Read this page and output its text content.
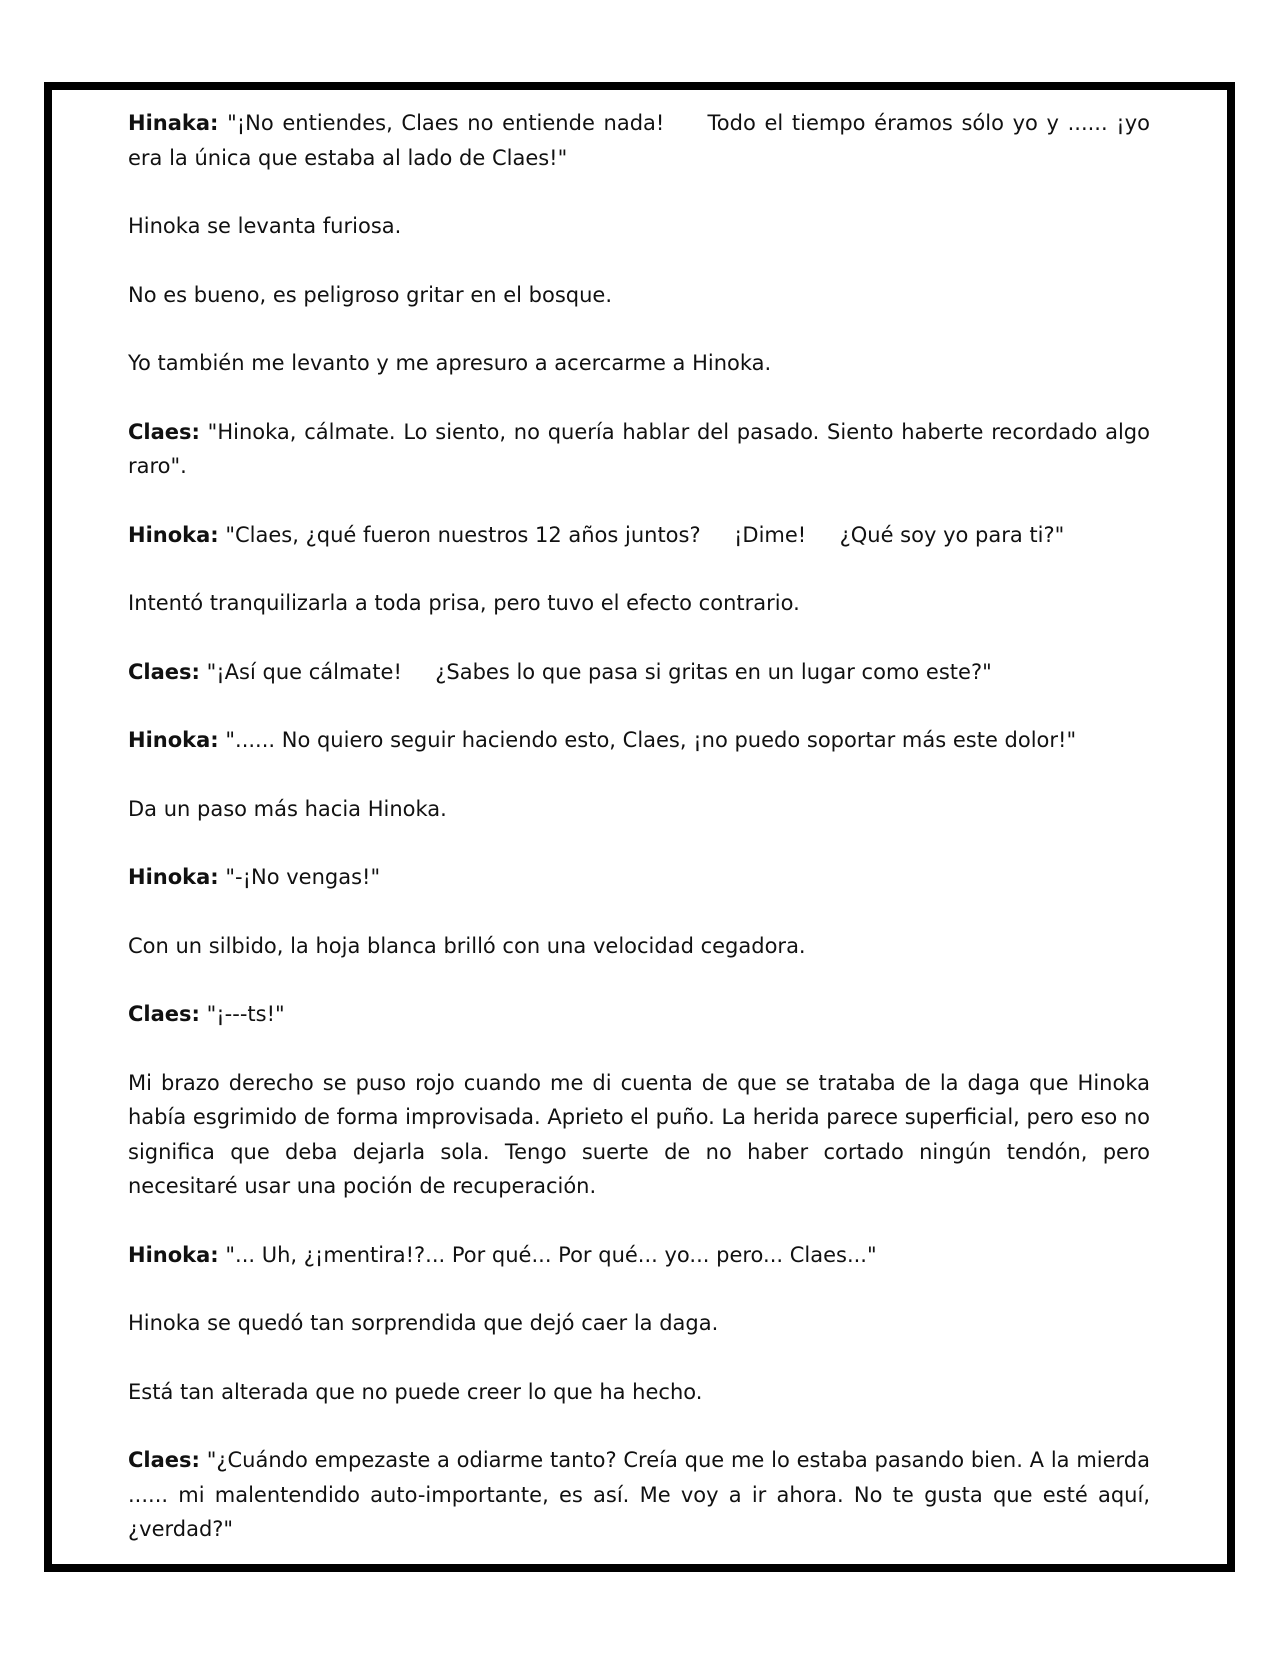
Hinaka: "¡No entiendes, Claes no entiende nada!     Todo el tiempo éramos sólo yo y ...... ¡yo era la única que estaba al lado de Claes!"

Hinoka se levanta furiosa.

No es bueno, es peligroso gritar en el bosque.

Yo también me levanto y me apresuro a acercarme a Hinoka.

Claes: "Hinoka, cálmate. Lo siento, no quería hablar del pasado. Siento haberte recordado algo raro".

Hinoka: "Claes, ¿qué fueron nuestros 12 años juntos?     ¡Dime!     ¿Qué soy yo para ti?"

Intentó tranquilizarla a toda prisa, pero tuvo el efecto contrario.

Claes: "¡Así que cálmate!     ¿Sabes lo que pasa si gritas en un lugar como este?"

Hinoka: "...... No quiero seguir haciendo esto, Claes, ¡no puedo soportar más este dolor!"

Da un paso más hacia Hinoka.

Hinoka: "-¡No vengas!"

Con un silbido, la hoja blanca brilló con una velocidad cegadora.

Claes: "¡---ts!"

Mi brazo derecho se puso rojo cuando me di cuenta de que se trataba de la daga que Hinoka había esgrimido de forma improvisada. Aprieto el puño. La herida parece superficial, pero eso no significa que deba dejarla sola. Tengo suerte de no haber cortado ningún tendón, pero necesitaré usar una poción de recuperación.

Hinoka: "... Uh, ¿¡mentira!?... Por qué... Por qué... yo... pero... Claes..."

Hinoka se quedó tan sorprendida que dejó caer la daga.

Está tan alterada que no puede creer lo que ha hecho.

Claes: "¿Cuándo empezaste a odiarme tanto? Creía que me lo estaba pasando bien. A la mierda ...... mi malentendido auto-importante, es así. Me voy a ir ahora. No te gusta que esté aquí, ¿verdad?"
